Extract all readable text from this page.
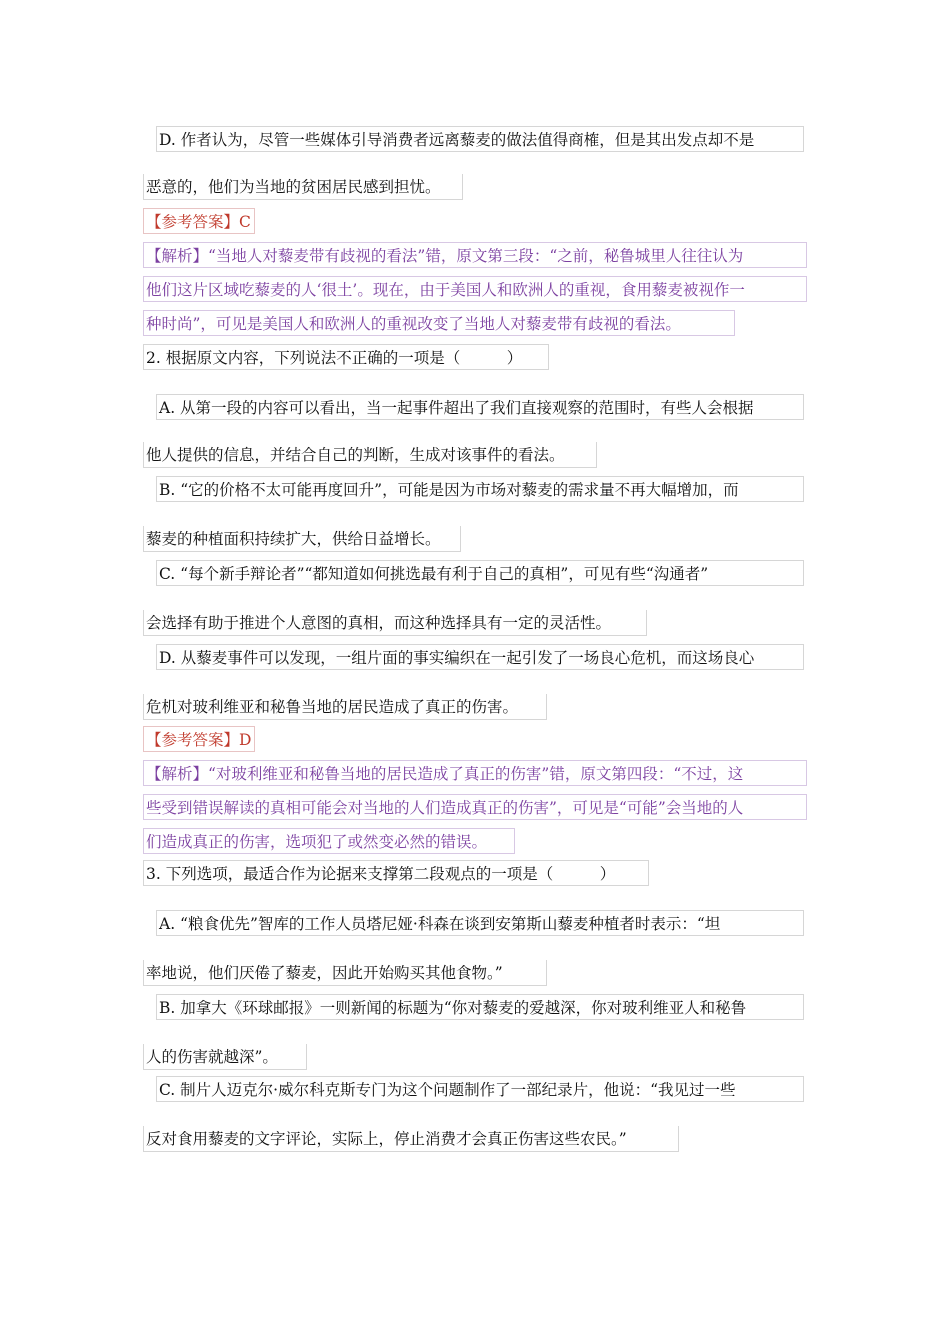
D. 作者认为，尽管一些媒体引导消费者远离藜麦的做法值得商榷，但是其出发点却不是
恶意的，他们为当地的贫困居民感到担忧。
【参考答案】C
【解析】“当地人对藜麦带有歧视的看法”错，原文第三段：“之前，秘鲁城里人往往认为
他们这片区域吃藜麦的人‘很土’。现在，由于美国人和欧洲人的重视，食用藜麦被视作一
种时尚”，可见是美国人和欧洲人的重视改变了当地人对藜麦带有歧视的看法。
2. 根据原文内容，下列说法不正确的一项是（　　　）
A. 从第一段的内容可以看出，当一起事件超出了我们直接观察的范围时，有些人会根据
他人提供的信息，并结合自己的判断，生成对该事件的看法。
B. “它的价格不太可能再度回升”，可能是因为市场对藜麦的需求量不再大幅增加，而
藜麦的种植面积持续扩大，供给日益增长。
C. “每个新手辩论者”“都知道如何挑选最有利于自己的真相”，可见有些“沟通者”
会选择有助于推进个人意图的真相，而这种选择具有一定的灵活性。
D. 从藜麦事件可以发现，一组片面的事实编织在一起引发了一场良心危机，而这场良心
危机对玻利维亚和秘鲁当地的居民造成了真正的伤害。
【参考答案】D
【解析】“对玻利维亚和秘鲁当地的居民造成了真正的伤害”错，原文第四段：“不过，这
些受到错误解读的真相可能会对当地的人们造成真正的伤害”，可见是“可能”会当地的人
们造成真正的伤害，选项犯了或然变必然的错误。
3. 下列选项，最适合作为论据来支撑第二段观点的一项是（　　　）
A. “粮食优先”智库的工作人员塔尼娅·科森在谈到安第斯山藜麦种植者时表示：“坦
率地说，他们厌倦了藜麦，因此开始购买其他食物。”
B. 加拿大《环球邮报》一则新闻的标题为“你对藜麦的爱越深，你对玻利维亚人和秘鲁
人的伤害就越深”。
C. 制片人迈克尔·威尔科克斯专门为这个问题制作了一部纪录片，他说：“我见过一些
反对食用藜麦的文字评论，实际上，停止消费才会真正伤害这些农民。”
